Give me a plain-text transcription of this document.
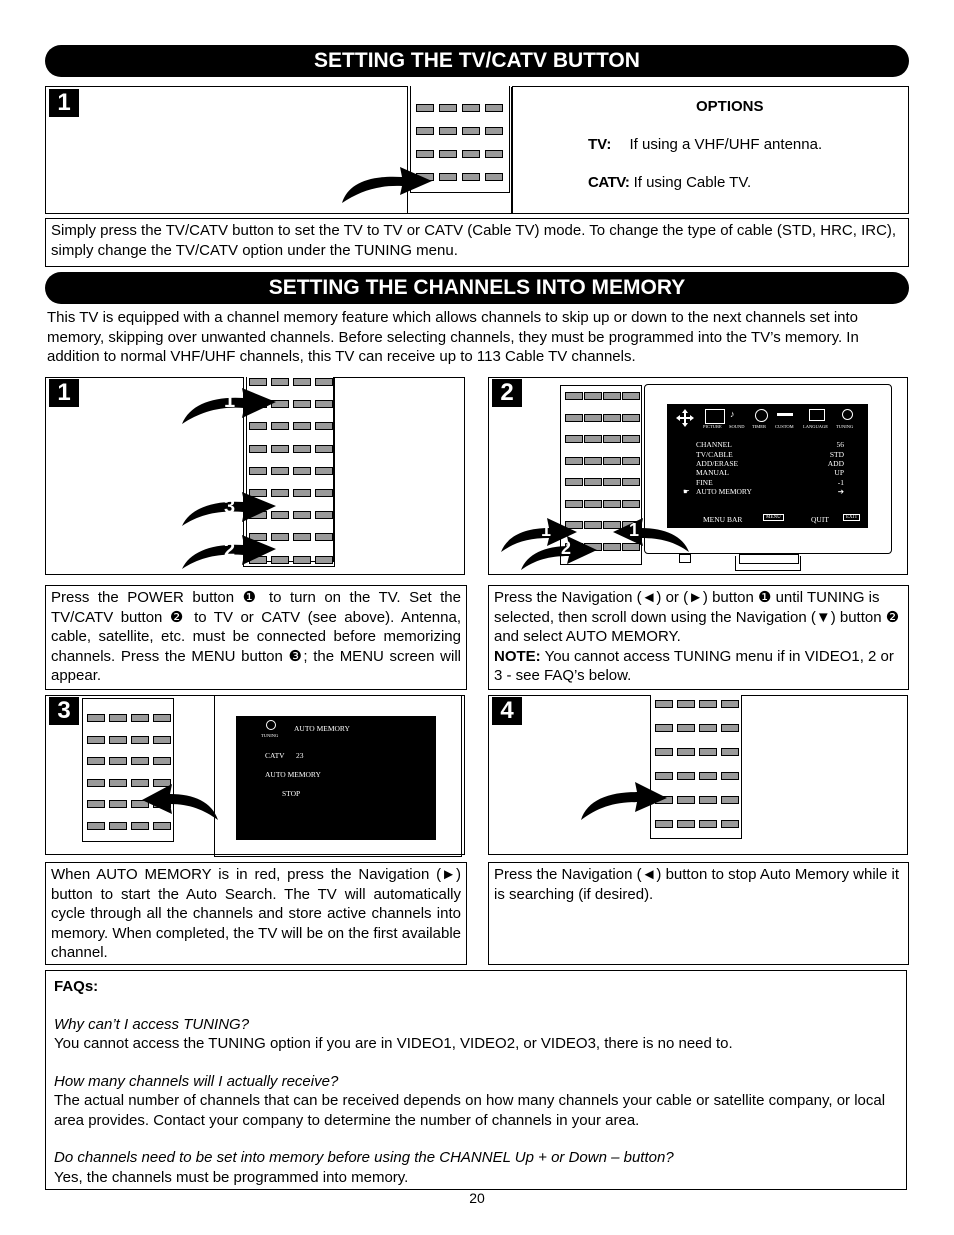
SETTING THE TV/CATV BUTTON
1	OPTIONS
TV: If using a VHF/UHF antenna.
CATV: If using Cable TV.
Simply press the TV/CATV button to set the TV to TV or CATV (Cable TV) mode. To change the type of cable (STD, HRC, IRC), simply change the TV/CATV option under the TUNING menu.
SETTING THE CHANNELS INTO MEMORY
This TV is equipped with a channel memory feature which allows channels to skip up or down to the next channels set into memory, skipping over unwanted channels. Before selecting channels, they must be programmed into the TV’s memory. In addition to normal VHF/UHF channels, this TV can receive up to 113 Cable TV channels.
1	1
3
2
2
♪
PICTURE SOUND TIMER CUSTOM LANGUAGE TUNING
CHANNEL	56
TV/CABLE	STD
ADD/ERASE	ADD
MANUAL	UP
FINE	-1
☛ AUTO MEMORY	➔
MENU BAR	MENU	QUIT	EXIT
1	1
2
Press the POWER button ❶ to turn on the TV. Set the TV/CATV button ❷ to TV or CATV (see above). Antenna, cable, satellite, etc. must be connected before memorizing channels. Press the MENU button ❸; the MENU screen will appear.
Press the Navigation (◄) or (►) button ❶ until TUNING is selected, then scroll down using the Navigation (▼) button ❷ and select AUTO MEMORY.
NOTE: You cannot access TUNING menu if in VIDEO1, 2 or 3 - see FAQ’s below.
3
TUNING
AUTO MEMORY
CATV 23
AUTO MEMORY
STOP
4
When AUTO MEMORY is in red, press the Navigation (►) button to start the Auto Search. The TV will automatically cycle through all the channels and store active channels into memory. When completed, the TV will be on the first available channel.
Press the Navigation (◄) button to stop Auto Memory while it is searching (if desired).
FAQs:
Why can’t I access TUNING?
You cannot access the TUNING option if you are in VIDEO1, VIDEO2, or VIDEO3, there is no need to.
How many channels will I actually receive?
The actual number of channels that can be received depends on how many channels your cable or satellite company, or local area provides. Contact your company to determine the number of channels in your area.
Do channels need to be set into memory before using the CHANNEL Up + or Down – button?
Yes, the channels must be programmed into memory.
20
